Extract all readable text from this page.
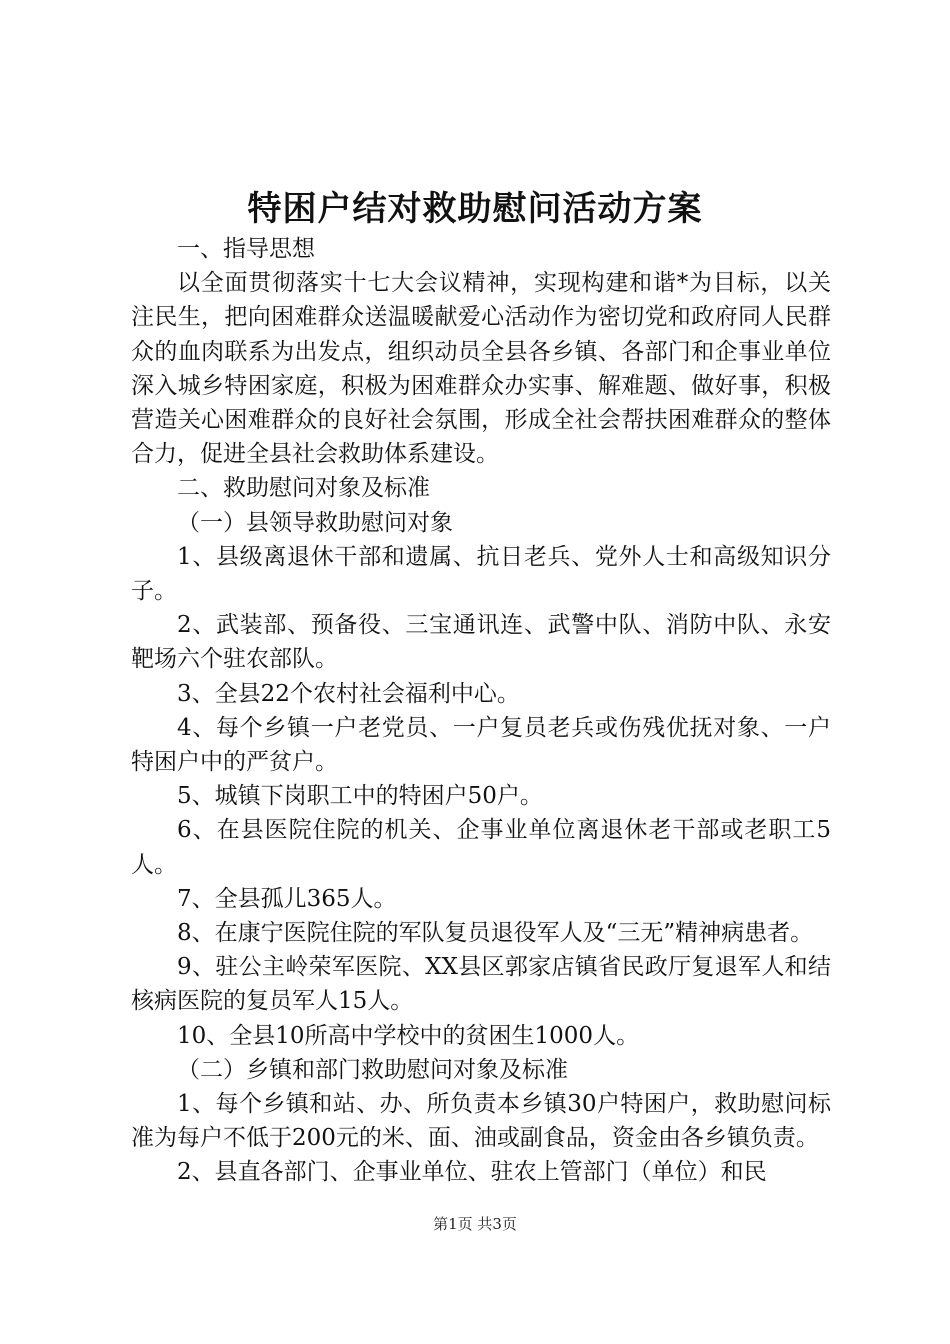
特困户结对救助慰问活动方案

一、指导思想

以全面贯彻落实十七大会议精神，实现构建和谐*为目标，以关注民生，把向困难群众送温暖献爱心活动作为密切党和政府同人民群众的血肉联系为出发点，组织动员全县各乡镇、各部门和企事业单位深入城乡特困家庭，积极为困难群众办实事、解难题、做好事，积极营造关心困难群众的良好社会氛围，形成全社会帮扶困难群众的整体合力，促进全县社会救助体系建设。

二、救助慰问对象及标准

（一）县领导救助慰问对象

1、县级离退休干部和遗属、抗日老兵、党外人士和高级知识分子。

2、武装部、预备役、三宝通讯连、武警中队、消防中队、永安靶场六个驻农部队。

3、全县22个农村社会福利中心。

4、每个乡镇一户老党员、一户复员老兵或伤残优抚对象、一户特困户中的严贫户。

5、城镇下岗职工中的特困户50户。

6、在县医院住院的机关、企事业单位离退休老干部或老职工5人。

7、全县孤儿365人。

8、在康宁医院住院的军队复员退役军人及“三无”精神病患者。

9、驻公主岭荣军医院、XX县区郭家店镇省民政厅复退军人和结核病医院的复员军人15人。

10、全县10所高中学校中的贫困生1000人。

（二）乡镇和部门救助慰问对象及标准

1、每个乡镇和站、办、所负责本乡镇30户特困户，救助慰问标准为每户不低于200元的米、面、油或副食品，资金由各乡镇负责。

2、县直各部门、企事业单位、驻农上管部门（单位）和民

第1页 共3页
